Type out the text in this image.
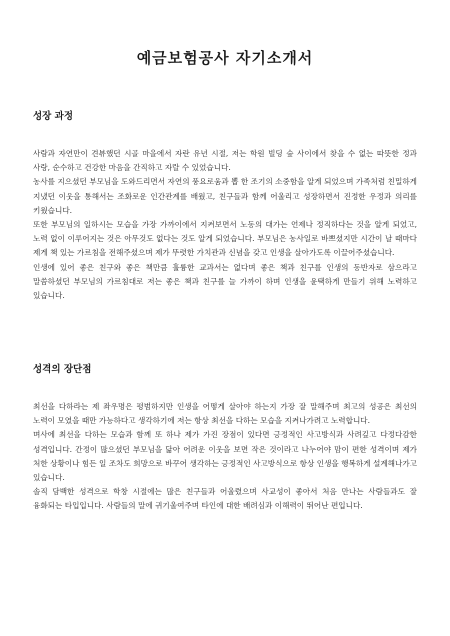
예금보험공사 자기소개서
성장 과정

사람과 자연만이 견뷰했던 시골 마을에서 자란 유년 시절, 저는 학원 빌딩 숲 사이에서 찾을 수 없는 따뜻한 정과 사랑, 순수하고 건강한 마음을 간직하고 자랄 수 있었습니다.

농사를 지으셨던 부모님을 도와드리면서 자연의 풍요로움과 뽑 한 조기의 소중함을 알게 되었으며 가족처럼 친밀하게 지냈던 이웃을 통해서는 조화로운 인간관계를 배웠고, 친구들과 함께 어울리고 성장하면서 진정한 우정과 의리를 키웠습니다.

또한 부모님의 일하시는 모습을 가장 가까이에서 지켜보면서 노동의 대가는 언제나 정직하다는 것을 알게 되었고, 노력 없이 이루어지는 것은 아무것도 없다는 것도 알게 되었습니다. 부모님은 농사일로 바쁘셨지만 시간이 날 때마다 제게 책 있는 가르침을 전해주셨으며 제가 뚜렷한 가치관과 신념을 갖고 인생을 살아가도록 이끌어주셨습니다.

인생에 있어 좋은 친구와 좋은 책만큼 훌륭한 교과서는 없다며 좋은 책과 친구를 인생의 동반자로 삼으라고 말씀하셨던 부모님의 가르침대로 저는 좋은 책과 친구를 늘 가까이 하며 인생을 윤택하게 만들기 위해 노력하고 있습니다.

성격의 장단점

최선을 다하라는 제 좌우명은 평범하지만 인생을 어떻게 살아야 하는지 가장 잘 말해주며 최고의 성공은 최선의 노력이 모였을 때만 가능하다고 생각하기에 저는 항상 최선을 다하는 모습을 지켜나가려고 노력합니다.

며사에 최선을 다하는 모습과 함께 또 하나 제가 가진 장점이 있다면 긍정적인 사고방식과 사려깊고 다정다감한 성격입니다. 간정이 많으셨던 부모님을 닮아 어려운 이웃을 보면 작은 것이라고 나누어야 맘이 편한 성격이며 제가 처한 상황이나 힘든 일 조차도 희망으로 바꾸어 생각하는 긍정적인 사고방식으로 항상 인생을 행복하게 설계해나가고 있습니다.

솔직 담백한 성격으로 학창 시절에는 많은 친구들과 어울렸으며 사교성이 좋아서 처음 만나는 사람들과도 잘 융화되는 타입입니다. 사람들의 말에 귀기울여주며 타인에 대한 배려심과 이해력이 뛰어난 편입니다.
